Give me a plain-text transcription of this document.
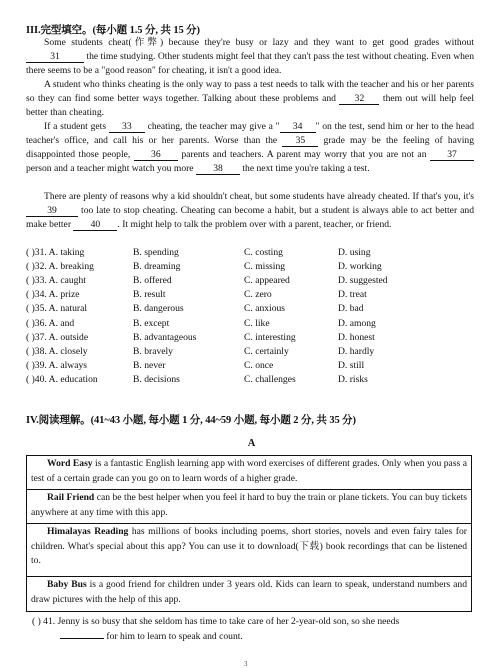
III.完型填空。(每小题 1.5 分, 共 15 分)

Some students cheat(作弊) because they're busy or lazy and they want to get good grades without 31	the time studying. Other students might feel that they can't pass the test without cheating. Even when there seems to be a "good reason" for cheating, it isn't a good idea.

A student who thinks cheating is the only way to pass a test needs to talk with the teacher and his or her parents so they can find some better ways together. Talking about these problems and 32 them out will help feel better than cheating.

If a student gets 33 cheating, the teacher may give a " 34 " on the test, send him or her to the head teacher's office, and call his or her parents. Worse than the 35 grade may be the feeling of having disappointed those people, 36 parents and teachers. A parent may worry that you are not an 37 person and a teacher might watch you more 38 the next time you're taking a test.

There are plenty of reasons why a kid shouldn't cheat, but some students have already cheated. If that's you, it's 39	too late to stop cheating. Cheating can become a habit, but a student is always able to act better and make better 40 . It might help to talk the problem over with a parent, teacher, or friend.

( )31. A. taking	B. spending	C. costing	D. using
( )32. A. breaking	B. dreaming	C. missing	D. working
( )33. A. caught	B. offered	C. appeared	D. suggested
( )34. A. prize	B. result	C. zero	D. treat
( )35. A. natural	B. dangerous	C. anxious	D. bad
( )36. A. and	B. except	C. like	D. among
( )37. A. outside	B. advantageous	C. interesting	D. honest
( )38. A. closely	B. bravely	C. certainly	D. hardly
( )39. A. always	B. never	C. once	D. still
( )40. A. education	B. decisions	C. challenges	D. risks
IV.阅读理解。(41~43 小题, 每小题 1 分, 44~59 小题, 每小题 2 分, 共 35 分)
A
Word Easy is a fantastic English learning app with word exercises of different grades. Only when you pass a test of a certain grade can you go on to learn words of a higher grade.
Rail Friend can be the best helper when you feel it hard to buy the train or plane tickets. You can buy tickets anywhere at any time with this app.
Himalayas Reading has millions of books including poems, short stories, novels and even fairy tales for children. What's special about this app? You can use it to download(下载) book recordings that can be listened to.
Baby Bus is a good friend for children under 3 years old. Kids can learn to speak, understand numbers and draw pictures with the help of this app.
( ) 41. Jenny is so busy that she seldom has time to take care of her 2-year-old son, so she needs
for him to learn to speak and count.
3
